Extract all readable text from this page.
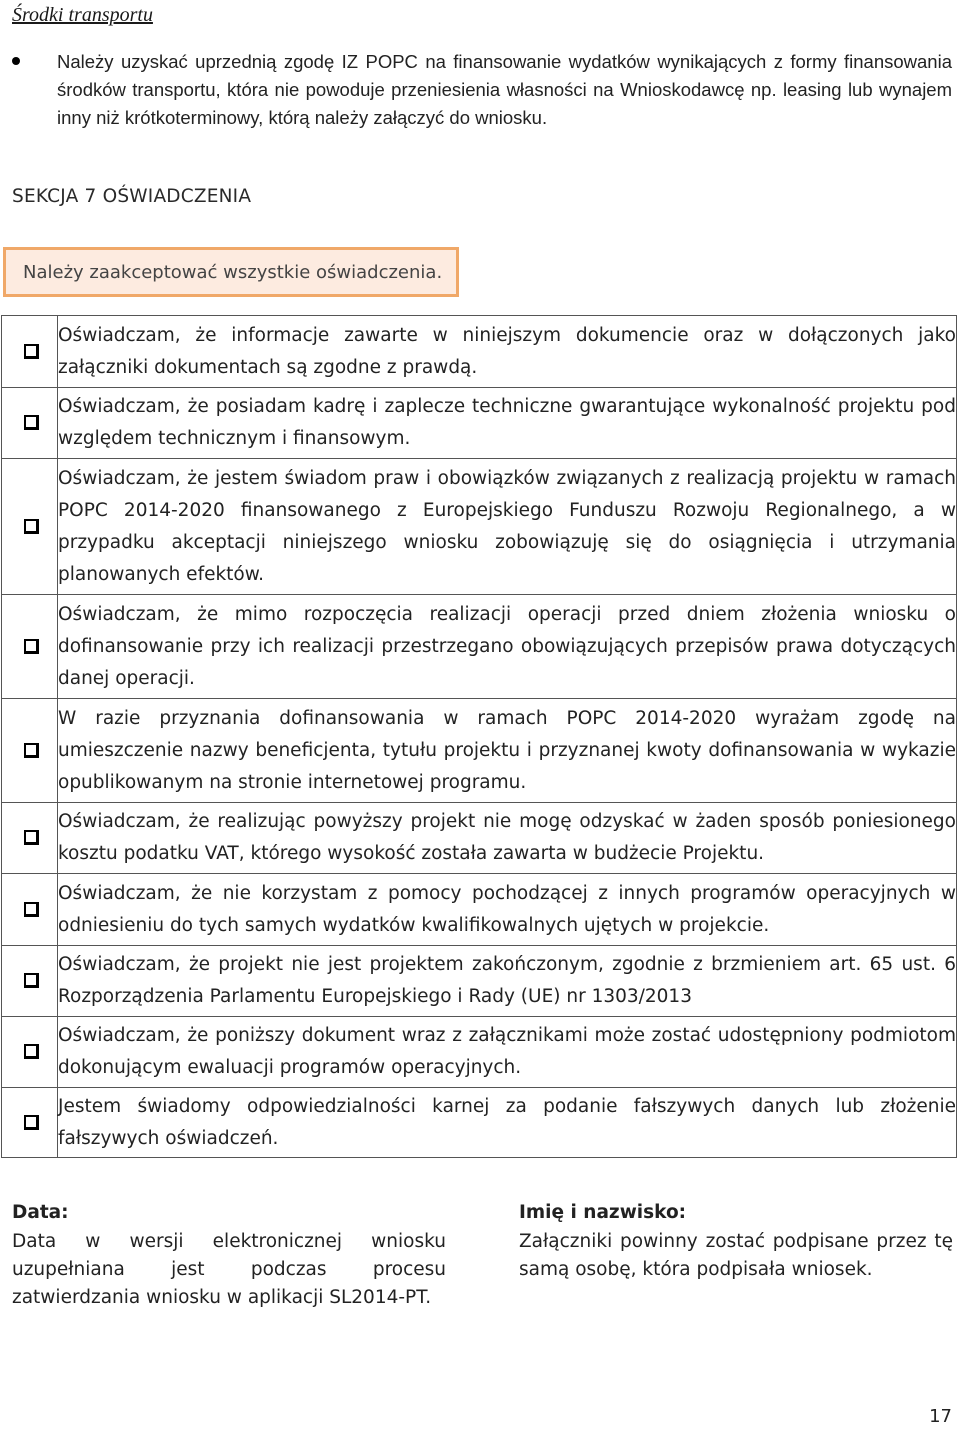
Środki transportu
Należy uzyskać uprzednią zgodę IZ POPC na finansowanie wydatków wynikających z formy finansowania środków transportu, która nie powoduje przeniesienia własności na Wnioskodawcę np. leasing lub wynajem inny niż krótkoterminowy, którą należy załączyć do wniosku.
SEKCJA 7 OŚWIADCZENIA
Należy zaakceptować wszystkie oświadczenia.
	Oświadczam, że informacje zawarte w niniejszym dokumencie oraz w dołączonych jako załączniki dokumentach są zgodne z prawdą.
	Oświadczam, że posiadam kadrę i zaplecze techniczne gwarantujące wykonalność projektu pod względem technicznym i finansowym.
	Oświadczam, że jestem świadom praw i obowiązków związanych z realizacją projektu w ramach POPC 2014-2020 finansowanego z Europejskiego Funduszu Rozwoju Regionalnego, a w przypadku akceptacji niniejszego wniosku zobowiązuję się do osiągnięcia i utrzymania planowanych efektów.
	Oświadczam, że mimo rozpoczęcia realizacji operacji przed dniem złożenia wniosku o dofinansowanie przy ich realizacji przestrzegano obowiązujących przepisów prawa dotyczących danej operacji.
	W razie przyznania dofinansowania w ramach POPC 2014-2020 wyrażam zgodę na umieszczenie nazwy beneficjenta, tytułu projektu i przyznanej kwoty dofinansowania w wykazie opublikowanym na stronie internetowej programu.
	Oświadczam, że realizując powyższy projekt nie mogę odzyskać w żaden sposób poniesionego kosztu podatku VAT, którego wysokość została zawarta w budżecie Projektu.
	Oświadczam, że nie korzystam z pomocy pochodzącej z innych programów operacyjnych w odniesieniu do tych samych wydatków kwalifikowalnych ujętych w projekcie.
	Oświadczam, że projekt nie jest projektem zakończonym, zgodnie z brzmieniem art. 65 ust. 6 Rozporządzenia Parlamentu Europejskiego i Rady (UE) nr 1303/2013
	Oświadczam, że poniższy dokument wraz z załącznikami może zostać udostępniony podmiotom dokonującym ewaluacji programów operacyjnych.
	Jestem świadomy odpowiedzialności karnej za podanie fałszywych danych lub złożenie fałszywych oświadczeń.
Data:
Data w wersji elektronicznej wniosku uzupełniana jest podczas procesu zatwierdzania wniosku w aplikacji SL2014-PT.
Imię i nazwisko:
Załączniki powinny zostać podpisane przez tę samą osobę, która podpisała wniosek.
17
